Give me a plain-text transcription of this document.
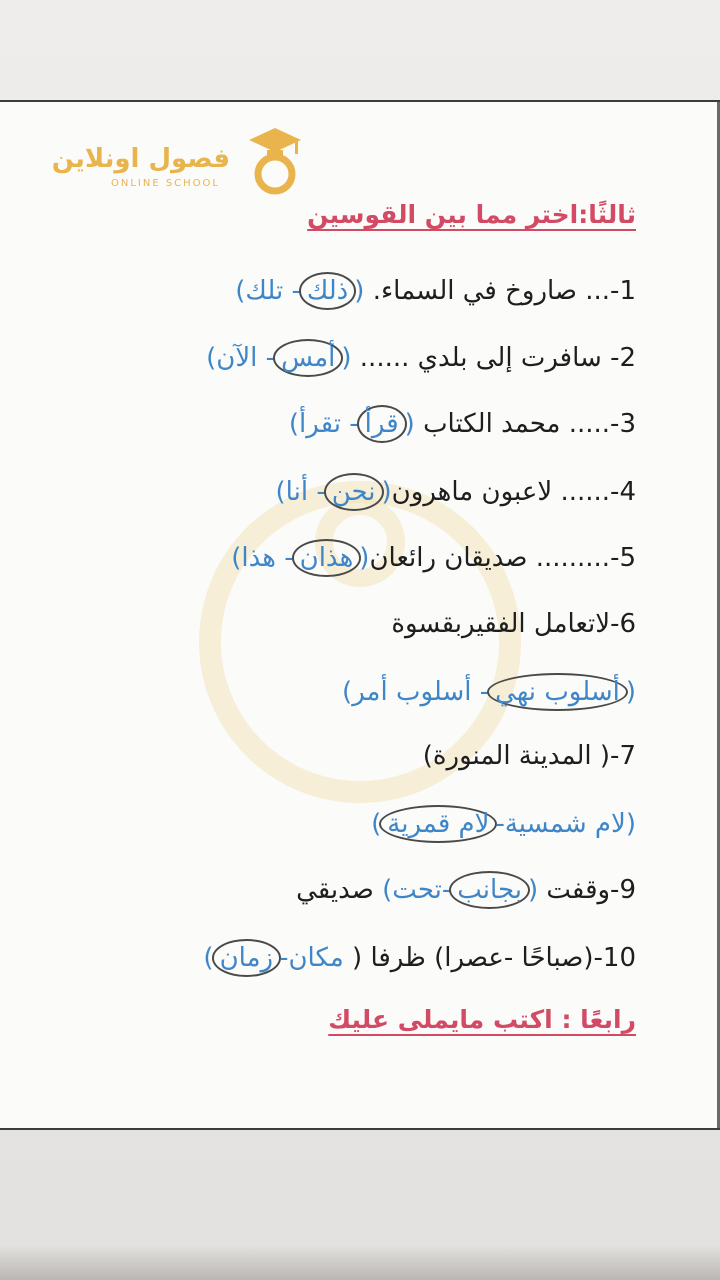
فصول اونلاين
ONLINE SCHOOL
ثالثًا:اختر مما بين القوسين
1-... صاروخ في السماء. (ذلك- تلك)
2- سافرت إلى بلدي ...... (أمس- الآن)
3-..... محمد الكتاب (قرأ- تقرأ)
4-...... لاعبون ماهرون(نحن- أنا)
5-......... صديقان رائعان(هذان- هذا)
6-لاتعامل الفقيربقسوة
(أسلوب نهي- أسلوب أمر)
7-( المدينة المنورة)
(لام شمسية-لام قمرية)
9-وقفت (بجانب-تحت) صديقي
10-(صباحًا -عصرا) ظرفا ( مكان-زمان)
رابعًا : اكتب مايملى عليك
